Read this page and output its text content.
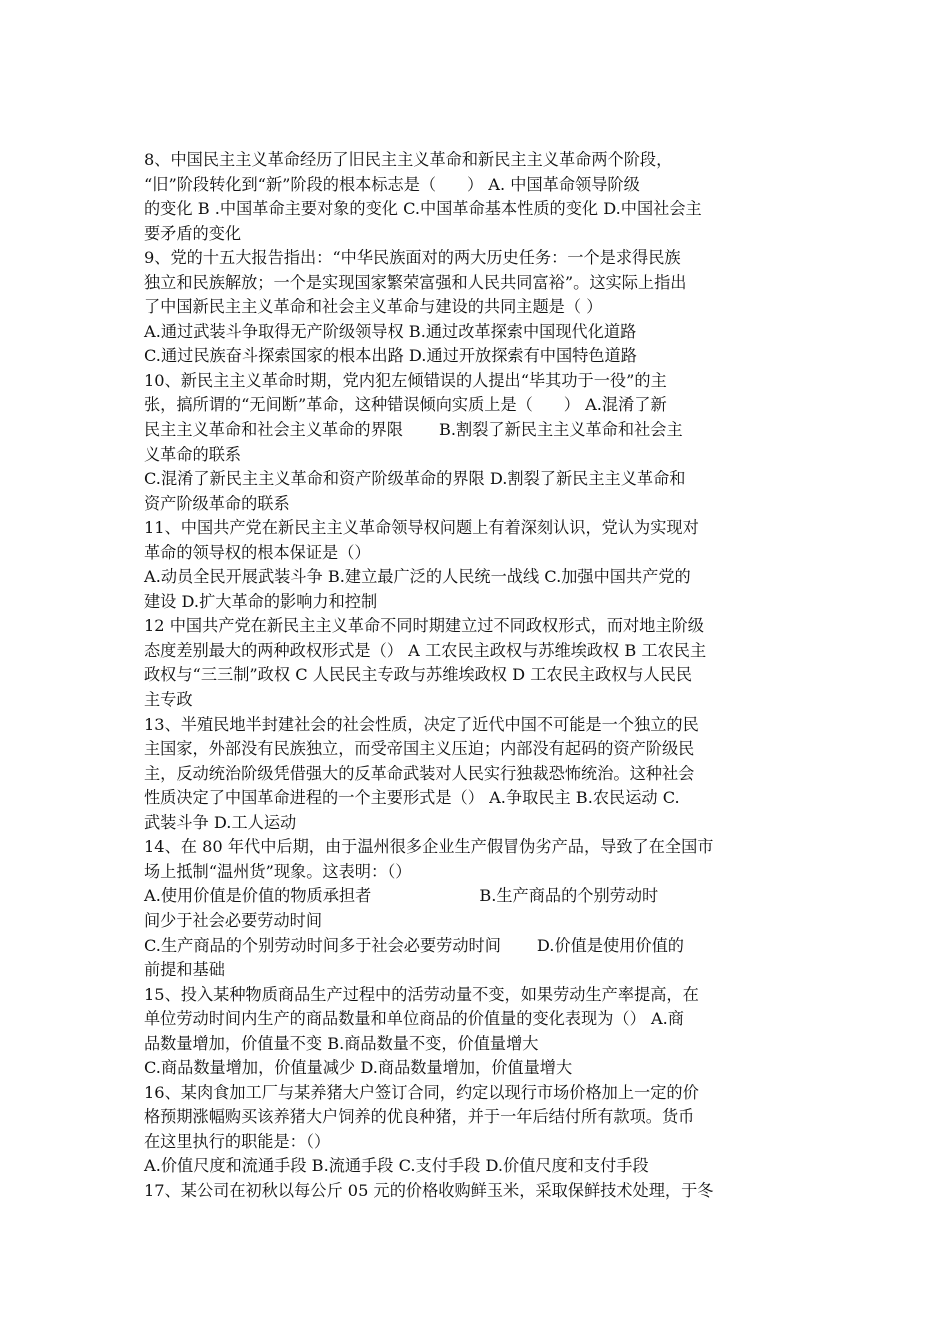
8、中国民主主义革命经历了旧民主主义革命和新民主主义革命两个阶段，
“旧”阶段转化到“新”阶段的根本标志是（      ） A. 中国革命领导阶级
的变化 B .中国革命主要对象的变化 C.中国革命基本性质的变化 D.中国社会主
要矛盾的变化
9、党的十五大报告指出：“中华民族面对的两大历史任务：一个是求得民族
独立和民族解放；一个是实现国家繁荣富强和人民共同富裕”。这实际上指出
了中国新民主主义革命和社会主义革命与建设的共同主题是（ ）
A.通过武装斗争取得无产阶级领导权 B.通过改革探索中国现代化道路
C.通过民族奋斗探索国家的根本出路 D.通过开放探索有中国特色道路
10、新民主主义革命时期，党内犯左倾错误的人提出“毕其功于一役”的主
张，搞所谓的“无间断”革命，这种错误倾向实质上是（      ） A.混淆了新
民主主义革命和社会主义革命的界限       B.割裂了新民主主义革命和社会主
义革命的联系
C.混淆了新民主主义革命和资产阶级革命的界限 D.割裂了新民主主义革命和
资产阶级革命的联系
11、中国共产党在新民主主义革命领导权问题上有着深刻认识，党认为实现对
革命的领导权的根本保证是（）
A.动员全民开展武装斗争 B.建立最广泛的人民统一战线 C.加强中国共产党的
建设 D.扩大革命的影响力和控制
12 中国共产党在新民主主义革命不同时期建立过不同政权形式，而对地主阶级
态度差别最大的两种政权形式是（） A 工农民主政权与苏维埃政权 B 工农民主
政权与“三三制”政权 C 人民民主专政与苏维埃政权 D 工农民主政权与人民民
主专政
13、半殖民地半封建社会的社会性质，决定了近代中国不可能是一个独立的民
主国家，外部没有民族独立，而受帝国主义压迫；内部没有起码的资产阶级民
主，反动统治阶级凭借强大的反革命武装对人民实行独裁恐怖统治。这种社会
性质决定了中国革命进程的一个主要形式是（） A.争取民主 B.农民运动 C.
武装斗争 D.工人运动
14、在 80 年代中后期，由于温州很多企业生产假冒伪劣产品，导致了在全国市
场上抵制“温州货”现象。这表明：（）
A.使用价值是价值的物质承担者                     B.生产商品的个别劳动时
间少于社会必要劳动时间
C.生产商品的个别劳动时间多于社会必要劳动时间       D.价值是使用价值的
前提和基础
15、投入某种物质商品生产过程中的活劳动量不变，如果劳动生产率提高，在
单位劳动时间内生产的商品数量和单位商品的价值量的变化表现为（） A.商
品数量增加，价值量不变 B.商品数量不变，价值量增大
C.商品数量增加，价值量减少 D.商品数量增加，价值量增大
16、某肉食加工厂与某养猪大户签订合同，约定以现行市场价格加上一定的价
格预期涨幅购买该养猪大户饲养的优良种猪，并于一年后结付所有款项。货币
在这里执行的职能是：（）
A.价值尺度和流通手段 B.流通手段 C.支付手段 D.价值尺度和支付手段
17、某公司在初秋以每公斤 05 元的价格收购鲜玉米，采取保鲜技术处理，于冬
